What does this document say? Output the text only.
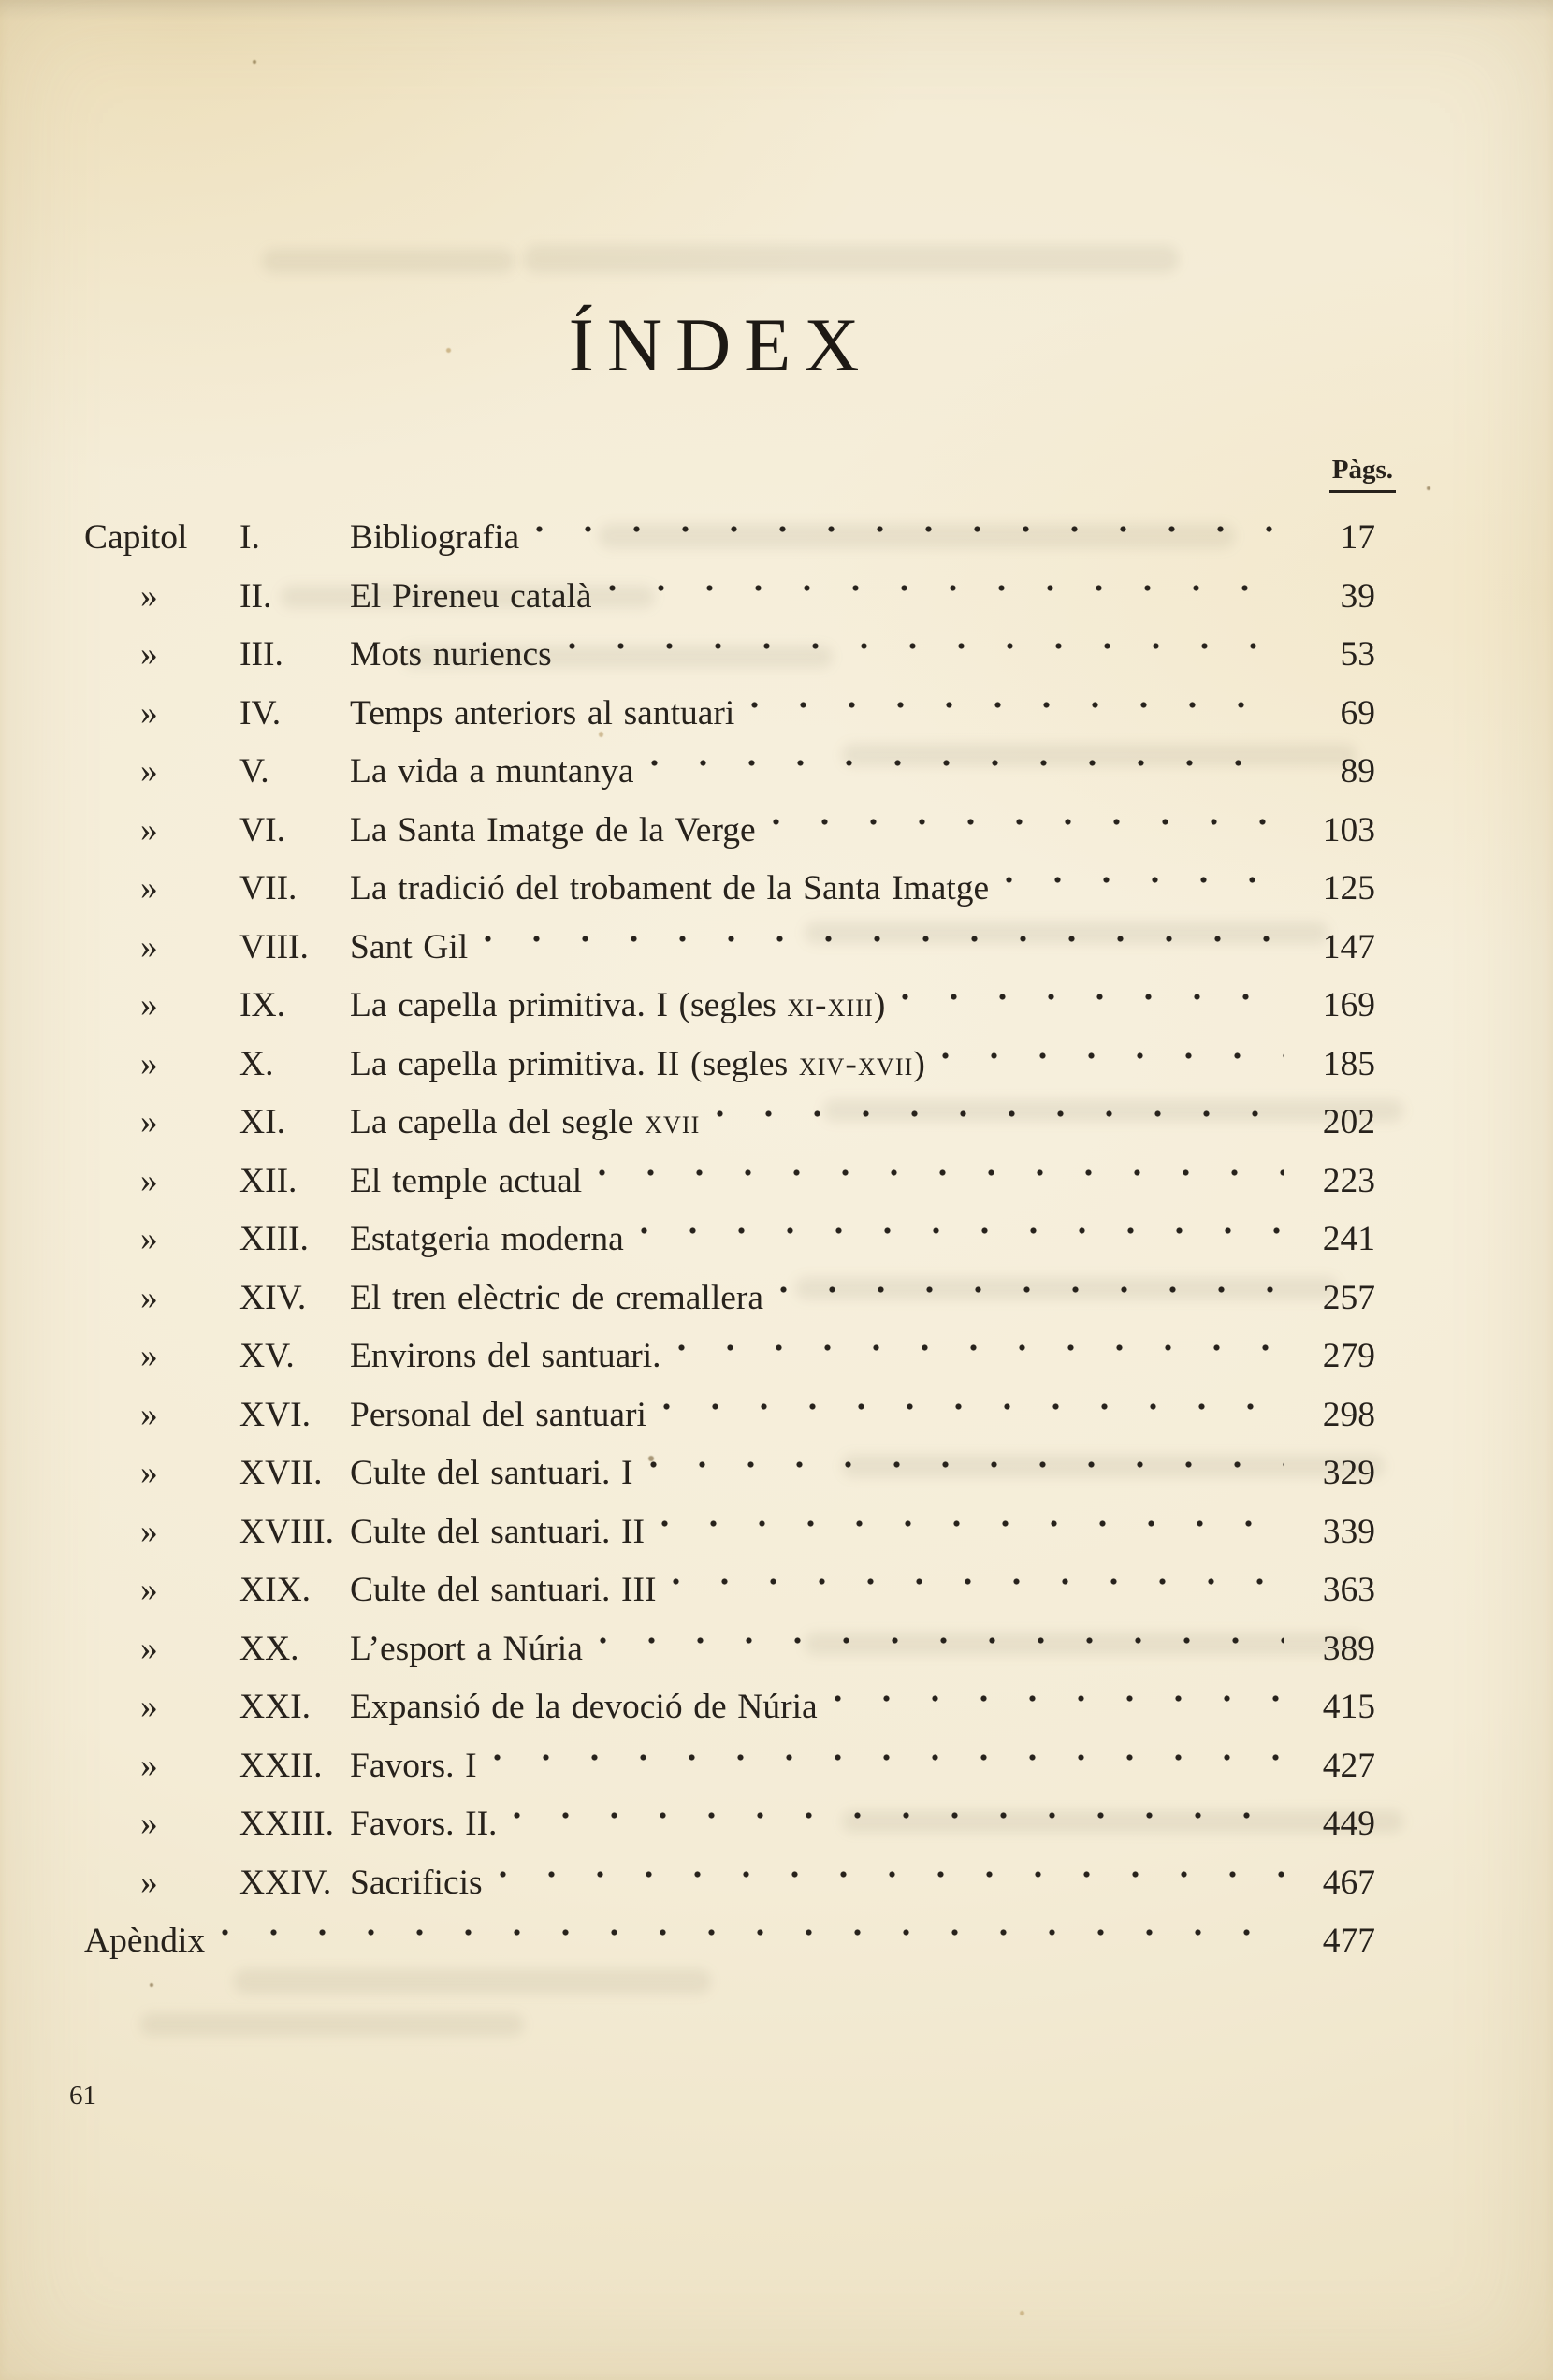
ÍNDEX
Pàgs.
Capitol	I.	Bibliografia	17
»	II.	El Pireneu català	39
»	III.	Mots nuriencs	53
»	IV.	Temps anteriors al santuari	69
»	V.	La vida a muntanya	89
»	VI.	La Santa Imatge de la Verge	103
»	VII.	La tradició del trobament de la Santa Imatge	125
»	VIII.	Sant Gil	147
»	IX.	La capella primitiva. I (segles xi-xiii)	169
»	X.	La capella primitiva. II (segles xiv-xvii)	185
»	XI.	La capella del segle xvii	202
»	XII.	El temple actual	223
»	XIII.	Estatgeria moderna	241
»	XIV.	El tren elèctric de cremallera	257
»	XV.	Environs del santuari.	279
»	XVI.	Personal del santuari	298
»	XVII. Culte del santuari. I	329
»	XVIII. Culte del santuari. II	339
»	XIX.	Culte del santuari. III	363
»	XX.	L’esport a Núria	389
»	XXI.	Expansió de la devoció de Núria	415
»	XXII. Favors. I	427
»	XXIII. Favors. II.	449
»	XXIV. Sacrificis	467
Apèndix	477
61
